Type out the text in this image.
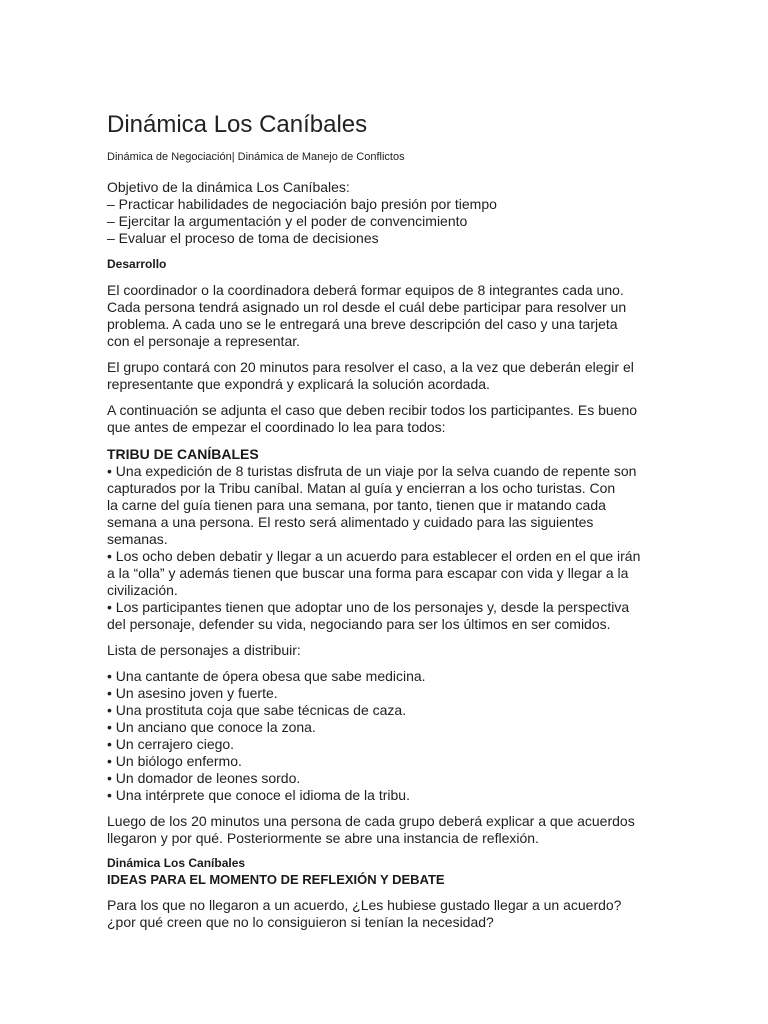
Dinámica Los Caníbales
Dinámica de Negociación| Dinámica de Manejo de Conflictos
Objetivo de la dinámica Los Caníbales:
– Practicar habilidades de negociación bajo presión por tiempo
– Ejercitar la argumentación y el poder de convencimiento
– Evaluar el proceso de toma de decisiones
Desarrollo
El coordinador o la coordinadora deberá formar equipos de 8 integrantes cada uno.
Cada persona tendrá asignado un rol desde el cuál debe participar para resolver un
problema. A cada uno se le entregará una breve descripción del caso y una tarjeta
con el personaje a representar.
El grupo contará con 20 minutos para resolver el caso, a la vez que deberán elegir el
representante que expondrá y explicará la solución acordada.
A continuación se adjunta el caso que deben recibir todos los participantes. Es bueno
que antes de empezar el coordinado lo lea para todos:
TRIBU DE CANÍBALES
• Una expedición de 8 turistas disfruta de un viaje por la selva cuando de repente son
capturados por la Tribu caníbal. Matan al guía y encierran a los ocho turistas. Con
la carne del guía tienen para una semana, por tanto, tienen que ir matando cada
semana a una persona. El resto será alimentado y cuidado para las siguientes
semanas.
• Los ocho deben debatir y llegar a un acuerdo para establecer el orden en el que irán
a la “olla” y además tienen que buscar una forma para escapar con vida y llegar a la
civilización.
• Los participantes tienen que adoptar uno de los personajes y, desde la perspectiva
del personaje, defender su vida, negociando para ser los últimos en ser comidos.
Lista de personajes a distribuir:
• Una cantante de ópera obesa que sabe medicina.
• Un asesino joven y fuerte.
• Una prostituta coja que sabe técnicas de caza.
• Un anciano que conoce la zona.
• Un cerrajero ciego.
• Un biólogo enfermo.
• Un domador de leones sordo.
• Una intérprete que conoce el idioma de la tribu.
Luego de los 20 minutos una persona de cada grupo deberá explicar a que acuerdos
llegaron y por qué. Posteriormente se abre una instancia de reflexión.
Dinámica Los Caníbales
IDEAS PARA EL MOMENTO DE REFLEXIÓN Y DEBATE
Para los que no llegaron a un acuerdo, ¿Les hubiese gustado llegar a un acuerdo?
¿por qué creen que no lo consiguieron si tenían la necesidad?
